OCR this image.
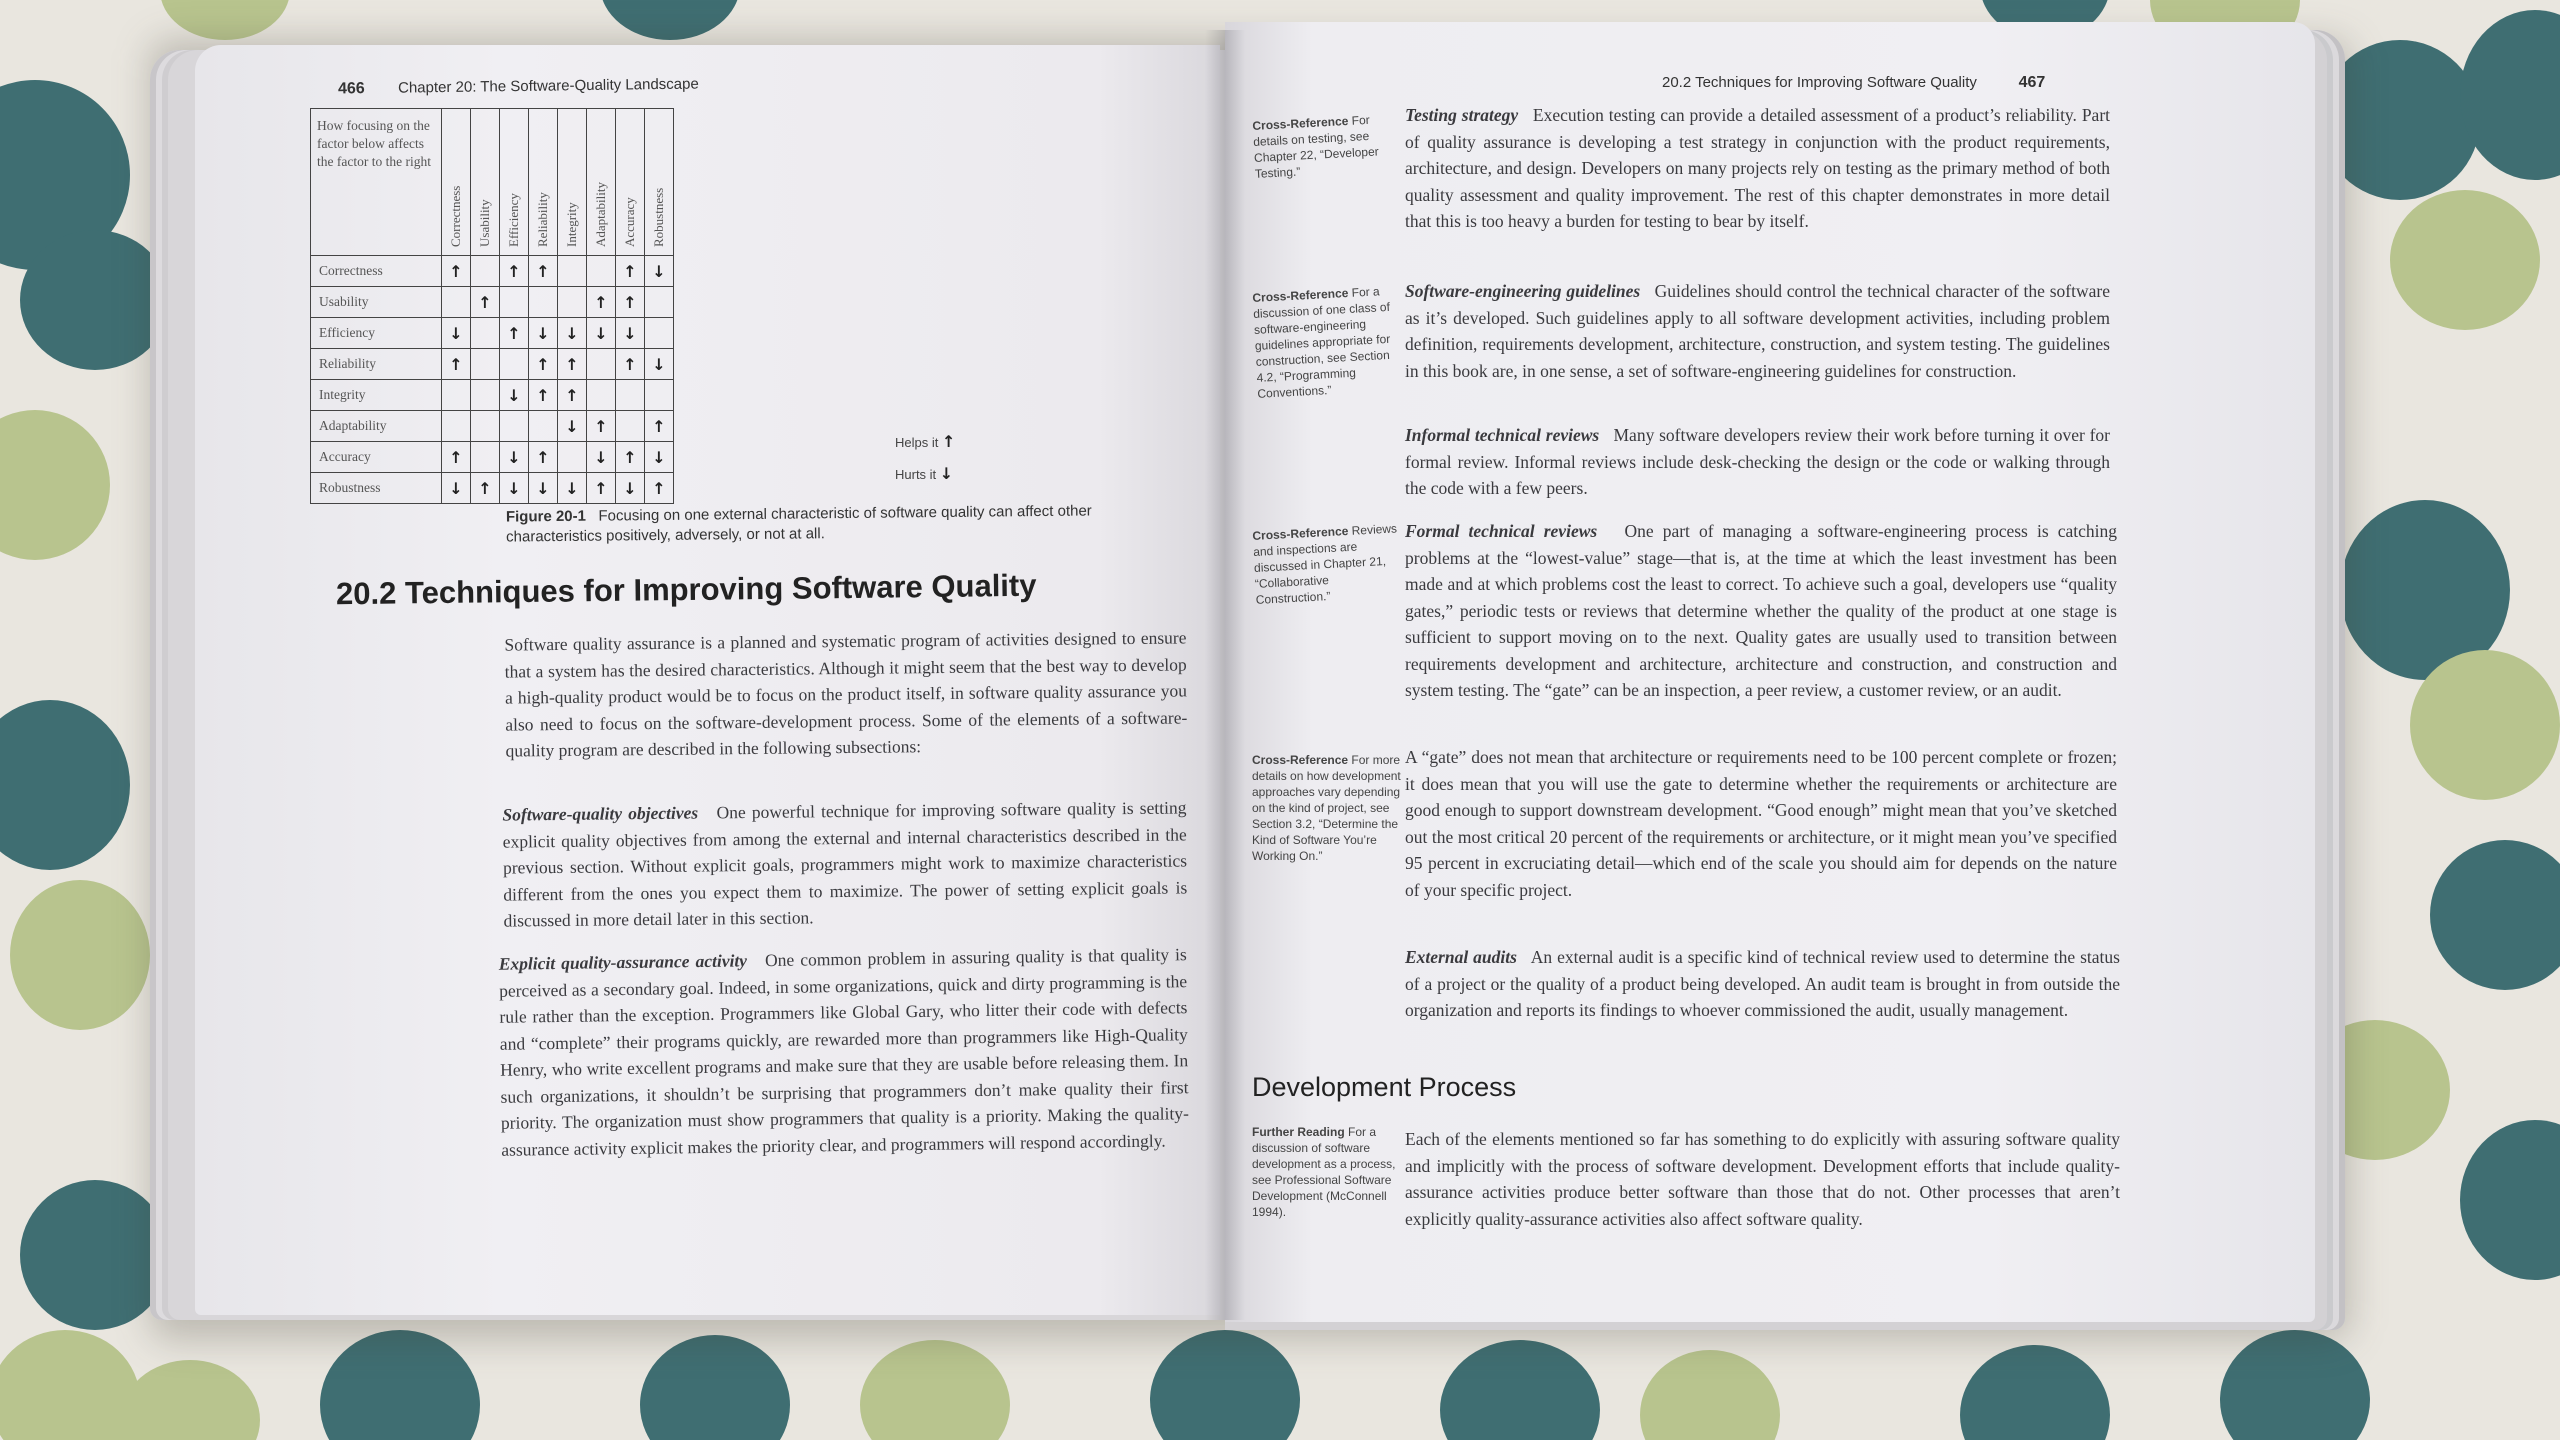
466 Chapter 20: The Software-Quality Landscape
How focusing on the factor below affects the factor to the right	Correctness	Usability	Efficiency	Reliability	Integrity	Adaptability	Accuracy	Robustness

Correctness	↑		↑	↑			↑	↓
Usability		↑				↑	↑	
Efficiency	↓		↑	↓	↓	↓	↓	
Reliability	↑			↑	↑		↑	↓
Integrity			↓	↑	↑			
Adaptability					↓	↑		↑
Accuracy	↑		↓	↑		↓	↑	↓
Robustness	↓	↑	↓	↓	↓	↑	↓	↑
Helps it ↑
Hurts it ↓
Figure 20-1 Focusing on one external characteristic of software quality can affect other characteristics positively, adversely, or not at all.
20.2 Techniques for Improving Software Quality
Software quality assurance is a planned and systematic program of activities designed to ensure that a system has the desired characteristics. Although it might seem that the best way to develop a high-quality product would be to focus on the product itself, in software quality assurance you also need to focus on the software-development process. Some of the elements of a software-quality program are described in the following subsections:
Software-quality objectives One powerful technique for improving software quality is setting explicit quality objectives from among the external and internal characteristics described in the previous section. Without explicit goals, programmers might work to maximize characteristics different from the ones you expect them to maximize. The power of setting explicit goals is discussed in more detail later in this section.
Explicit quality-assurance activity One common problem in assuring quality is that quality is perceived as a secondary goal. Indeed, in some organizations, quick and dirty programming is the rule rather than the exception. Programmers like Global Gary, who litter their code with defects and “complete” their programs quickly, are rewarded more than programmers like High-Quality Henry, who write excellent programs and make sure that they are usable before releasing them. In such organizations, it shouldn’t be surprising that programmers don’t make quality their first priority. The organization must show programmers that quality is a priority. Making the quality-assurance activity explicit makes the priority clear, and programmers will respond accordingly.
20.2 Techniques for Improving Software Quality	467
Cross-Reference For details on testing, see Chapter 22, “Developer Testing.”
Cross-Reference For a discussion of one class of software-engineering guidelines appropriate for construction, see Section 4.2, “Programming Conventions.”
Cross-Reference Reviews and inspections are discussed in Chapter 21, “Collaborative Construction.”
Cross-Reference For more details on how development approaches vary depending on the kind of project, see Section 3.2, “Determine the Kind of Software You’re Working On.”
Further Reading For a discussion of software development as a process, see Professional Software Development (McConnell 1994).
Testing strategy Execution testing can provide a detailed assessment of a product’s reliability. Part of quality assurance is developing a test strategy in conjunction with the product requirements, architecture, and design. Developers on many projects rely on testing as the primary method of both quality assessment and quality improvement. The rest of this chapter demonstrates in more detail that this is too heavy a burden for testing to bear by itself.
Software-engineering guidelines Guidelines should control the technical character of the software as it’s developed. Such guidelines apply to all software development activities, including problem definition, requirements development, architecture, construction, and system testing. The guidelines in this book are, in one sense, a set of software-engineering guidelines for construction.
Informal technical reviews Many software developers review their work before turning it over for formal review. Informal reviews include desk-checking the design or the code or walking through the code with a few peers.
Formal technical reviews One part of managing a software-engineering process is catching problems at the “lowest-value” stage—that is, at the time at which the least investment has been made and at which problems cost the least to correct. To achieve such a goal, developers use “quality gates,” periodic tests or reviews that determine whether the quality of the product at one stage is sufficient to support moving on to the next. Quality gates are usually used to transition between requirements development and architecture, architecture and construction, and construction and system testing. The “gate” can be an inspection, a peer review, a customer review, or an audit.
A “gate” does not mean that architecture or requirements need to be 100 percent complete or frozen; it does mean that you will use the gate to determine whether the requirements or architecture are good enough to support downstream development. “Good enough” might mean that you’ve sketched out the most critical 20 percent of the requirements or architecture, or it might mean you’ve specified 95 percent in excruciating detail—which end of the scale you should aim for depends on the nature of your specific project.
External audits An external audit is a specific kind of technical review used to determine the status of a project or the quality of a product being developed. An audit team is brought in from outside the organization and reports its findings to whoever commissioned the audit, usually management.
Development Process
Each of the elements mentioned so far has something to do explicitly with assuring software quality and implicitly with the process of software development. Development efforts that include quality-assurance activities produce better software than those that do not. Other processes that aren’t explicitly quality-assurance activities also affect software quality.
